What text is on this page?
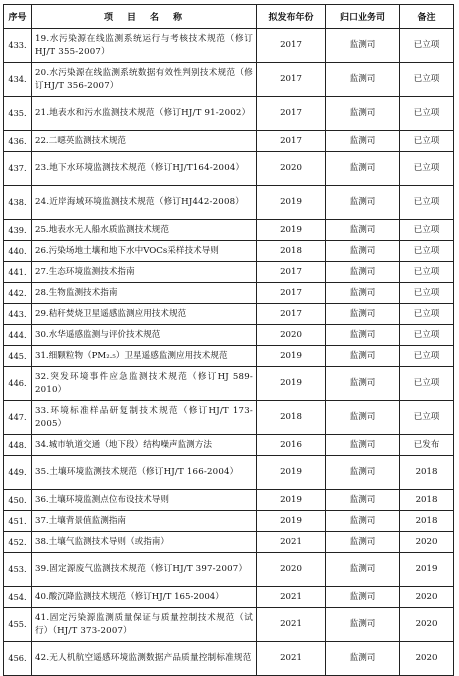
序号	项目名称	拟发布年份	归口业务司	备注
433.	19.水污染源在线监测系统运行与考核技术规范（修订HJ/T 355-2007）	2017	监测司	已立项
434.	20.水污染源在线监测系统数据有效性判别技术规范（修订HJ/T 356-2007）	2017	监测司	已立项
435.	21.地表水和污水监测技术规范（修订HJ/T 91-2002）	2017	监测司	已立项
436.	22.二噁英监测技术规范	2017	监测司	已立项
437.	23.地下水环境监测技术规范（修订HJ/T164-2004）	2020	监测司	已立项
438.	24.近岸海域环境监测技术规范（修订HJ442-2008）	2019	监测司	已立项
439.	25.地表水无人船水质监测技术规范	2019	监测司	已立项
440.	26.污染场地土壤和地下水中VOCs采样技术导则	2018	监测司	已立项
441.	27.生态环境监测技术指南	2017	监测司	已立项
442.	28.生物监测技术指南	2017	监测司	已立项
443.	29.秸秆焚烧卫星遥感监测应用技术规范	2017	监测司	已立项
444.	30.水华遥感监测与评价技术规范	2020	监测司	已立项
445.	31.细颗粒物（PM₂.₅）卫星遥感监测应用技术规范	2019	监测司	已立项
446.	32.突发环境事件应急监测技术规范（修订HJ 589-2010）	2019	监测司	已立项
447.	33.环境标准样品研复制技术规范（修订HJ/T 173-2005）	2018	监测司	已立项
448.	34.城市轨道交通（地下段）结构噪声监测方法	2016	监测司	已发布
449.	35.土壤环境监测技术规范（修订HJ/T 166-2004）	2019	监测司	2018
450.	36.土壤环境监测点位布设技术导则	2019	监测司	2018
451.	37.土壤背景值监测指南	2019	监测司	2018
452.	38.土壤气监测技术导则（或指南）	2021	监测司	2020
453.	39.固定源废气监测技术规范（修订HJ/T 397-2007）	2020	监测司	2019
454.	40.酸沉降监测技术规范（修订HJ/T 165-2004）	2021	监测司	2020
455.	41.固定污染源监测质量保证与质量控制技术规范（试行）（HJ/T 373-2007）	2021	监测司	2020
456.	42.无人机航空遥感环境监测数据产品质量控制标准规范	2021	监测司	2020
